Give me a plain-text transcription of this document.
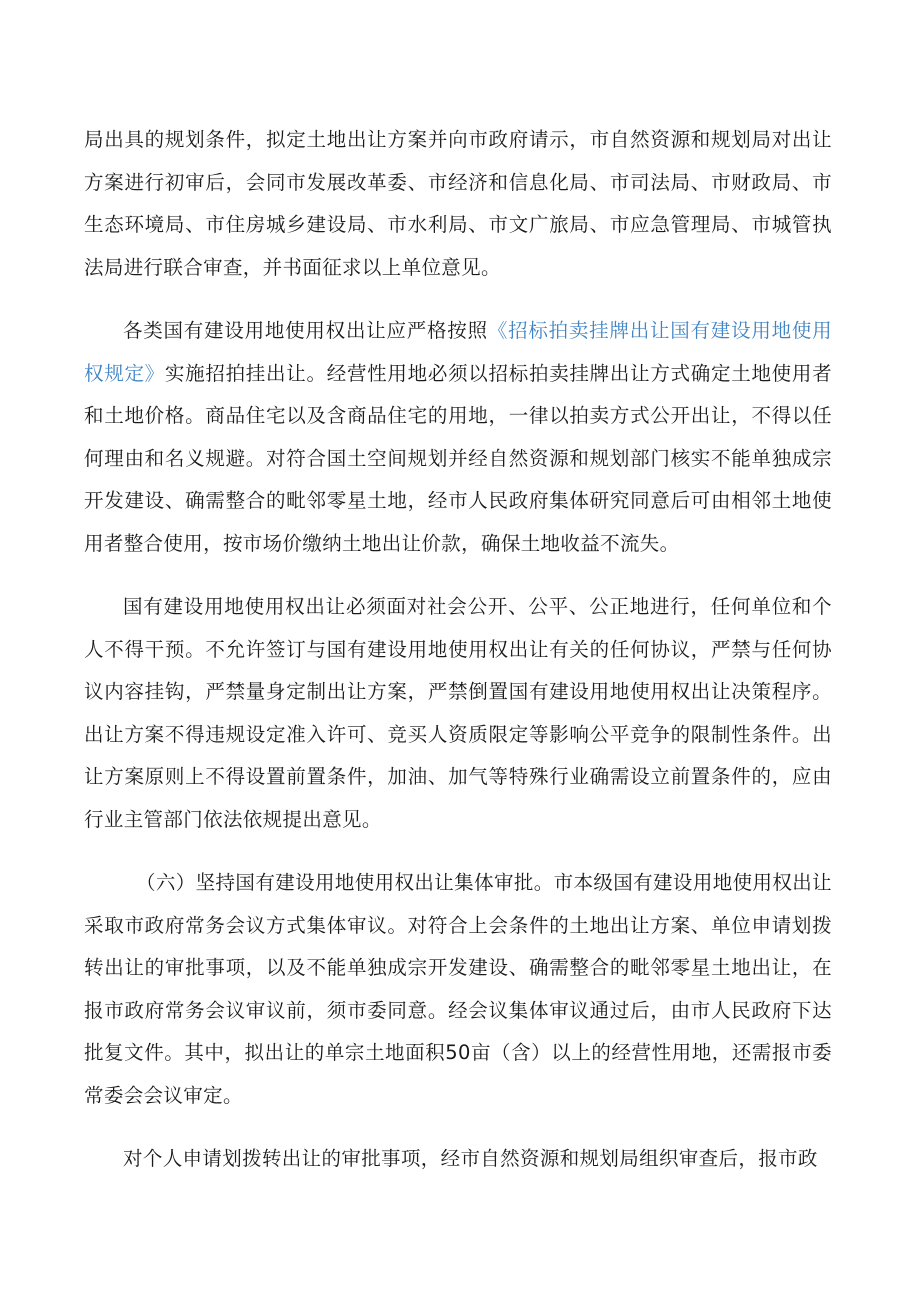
局出具的规划条件，拟定土地出让方案并向市政府请示，市自然资源和规划局对出让方案进行初审后，会同市发展改革委、市经济和信息化局、市司法局、市财政局、市生态环境局、市住房城乡建设局、市水利局、市文广旅局、市应急管理局、市城管执法局进行联合审查，并书面征求以上单位意见。

各类国有建设用地使用权出让应严格按照《招标拍卖挂牌出让国有建设用地使用权规定》实施招拍挂出让。经营性用地必须以招标拍卖挂牌出让方式确定土地使用者和土地价格。商品住宅以及含商品住宅的用地，一律以拍卖方式公开出让，不得以任何理由和名义规避。对符合国土空间规划并经自然资源和规划部门核实不能单独成宗开发建设、确需整合的毗邻零星土地，经市人民政府集体研究同意后可由相邻土地使用者整合使用，按市场价缴纳土地出让价款，确保土地收益不流失。

国有建设用地使用权出让必须面对社会公开、公平、公正地进行，任何单位和个人不得干预。不允许签订与国有建设用地使用权出让有关的任何协议，严禁与任何协议内容挂钩，严禁量身定制出让方案，严禁倒置国有建设用地使用权出让决策程序。出让方案不得违规设定准入许可、竞买人资质限定等影响公平竞争的限制性条件。出让方案原则上不得设置前置条件，加油、加气等特殊行业确需设立前置条件的，应由行业主管部门依法依规提出意见。

（六）坚持国有建设用地使用权出让集体审批。市本级国有建设用地使用权出让采取市政府常务会议方式集体审议。对符合上会条件的土地出让方案、单位申请划拨转出让的审批事项，以及不能单独成宗开发建设、确需整合的毗邻零星土地出让，在报市政府常务会议审议前，须市委同意。经会议集体审议通过后，由市人民政府下达批复文件。其中，拟出让的单宗土地面积50亩（含）以上的经营性用地，还需报市委常委会会议审定。

对个人申请划拨转出让的审批事项，经市自然资源和规划局组织审查后，报市政
